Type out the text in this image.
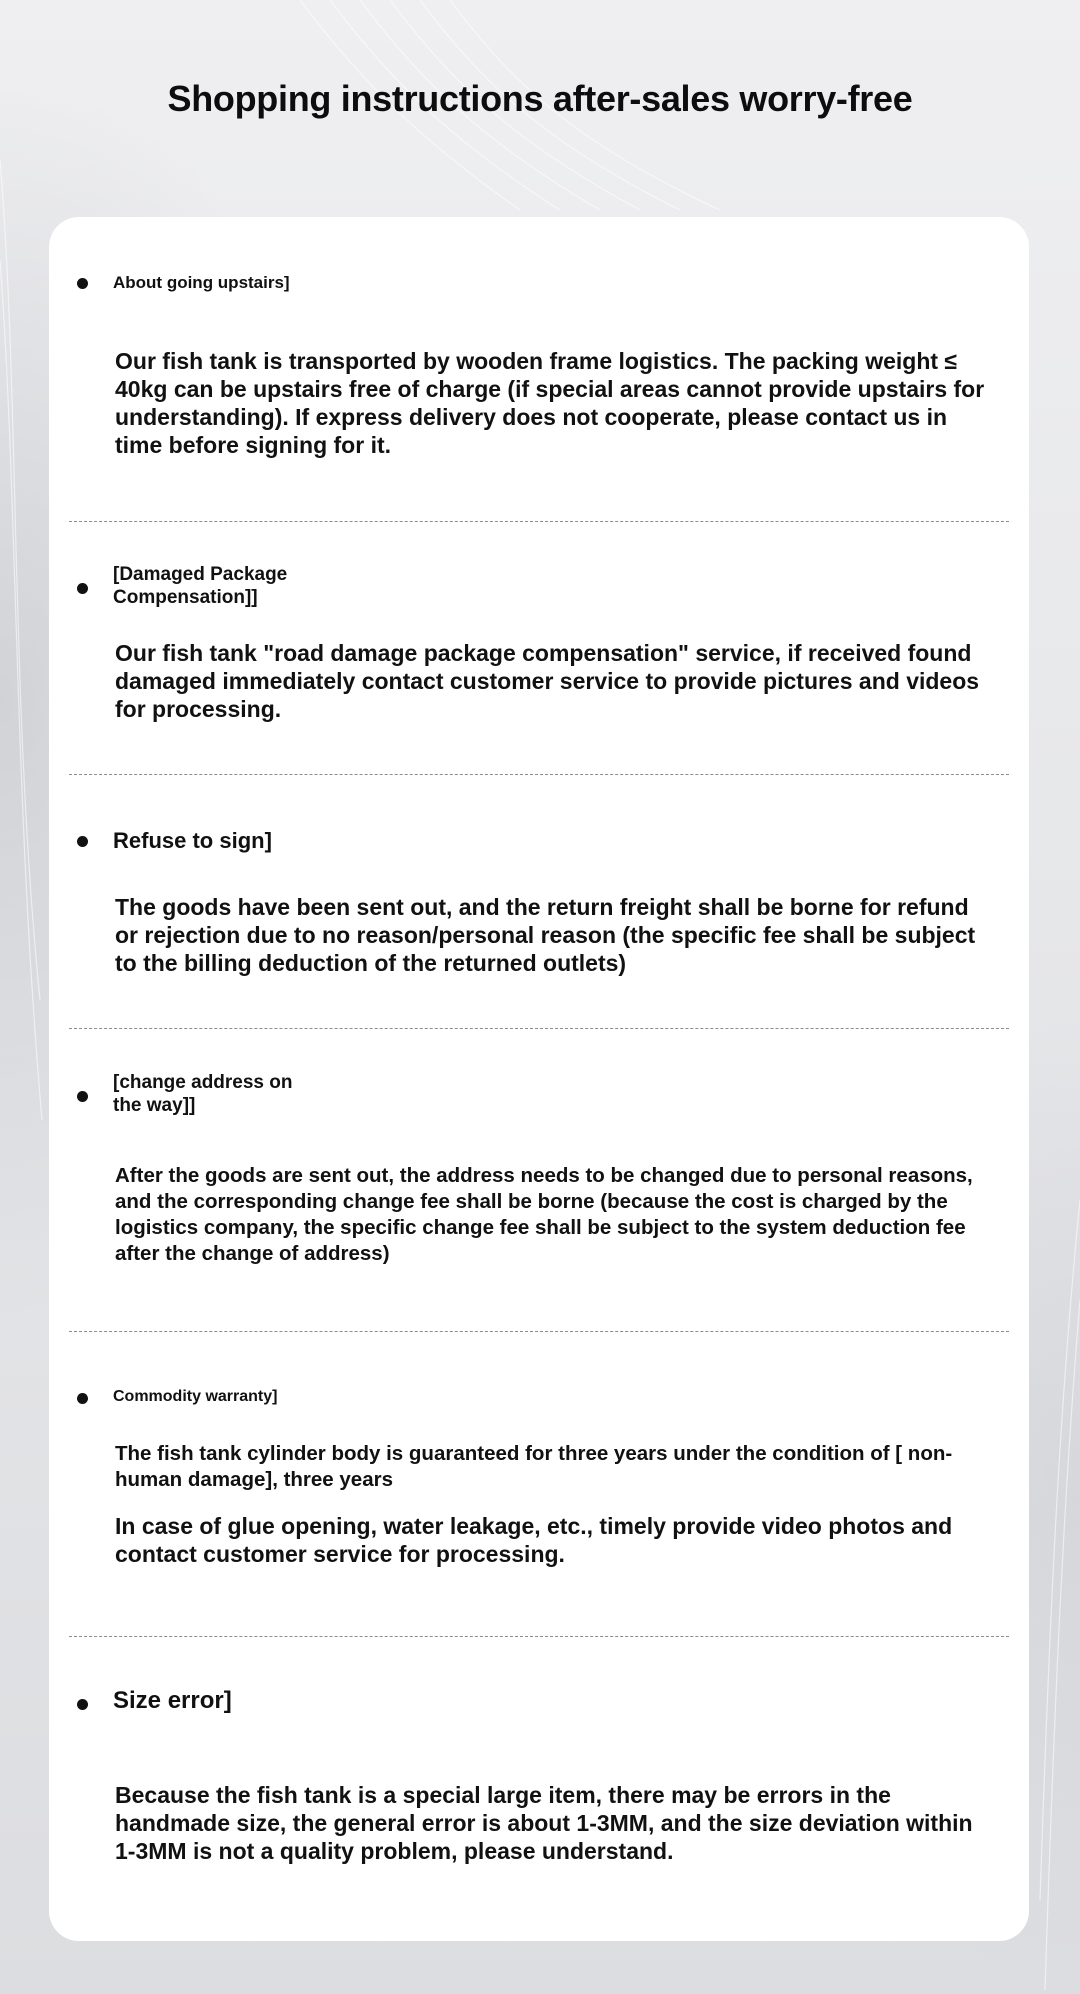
Shopping instructions after-sales worry-free
About going upstairs]

Our fish tank is transported by wooden frame logistics. The packing weight ≤ 40kg can be upstairs free of charge (if special areas cannot provide upstairs for understanding). If express delivery does not cooperate, please contact us in time before signing for it.

[Damaged Package Compensation]]

Our fish tank "road damage package compensation" service, if received found damaged immediately contact customer service to provide pictures and videos for processing.

Refuse to sign]

The goods have been sent out, and the return freight shall be borne for refund or rejection due to no reason/personal reason (the specific fee shall be subject to the billing deduction of the returned outlets)

[change address on the way]]

After the goods are sent out, the address needs to be changed due to personal reasons, and the corresponding change fee shall be borne (because the cost is charged by the logistics company, the specific change fee shall be subject to the system deduction fee after the change of address)

Commodity warranty]

The fish tank cylinder body is guaranteed for three years under the condition of [ non-human damage], three years

In case of glue opening, water leakage, etc., timely provide video photos and contact customer service for processing.

Size error]

Because the fish tank is a special large item, there may be errors in the handmade size, the general error is about 1-3MM, and the size deviation within 1-3MM is not a quality problem, please understand.
